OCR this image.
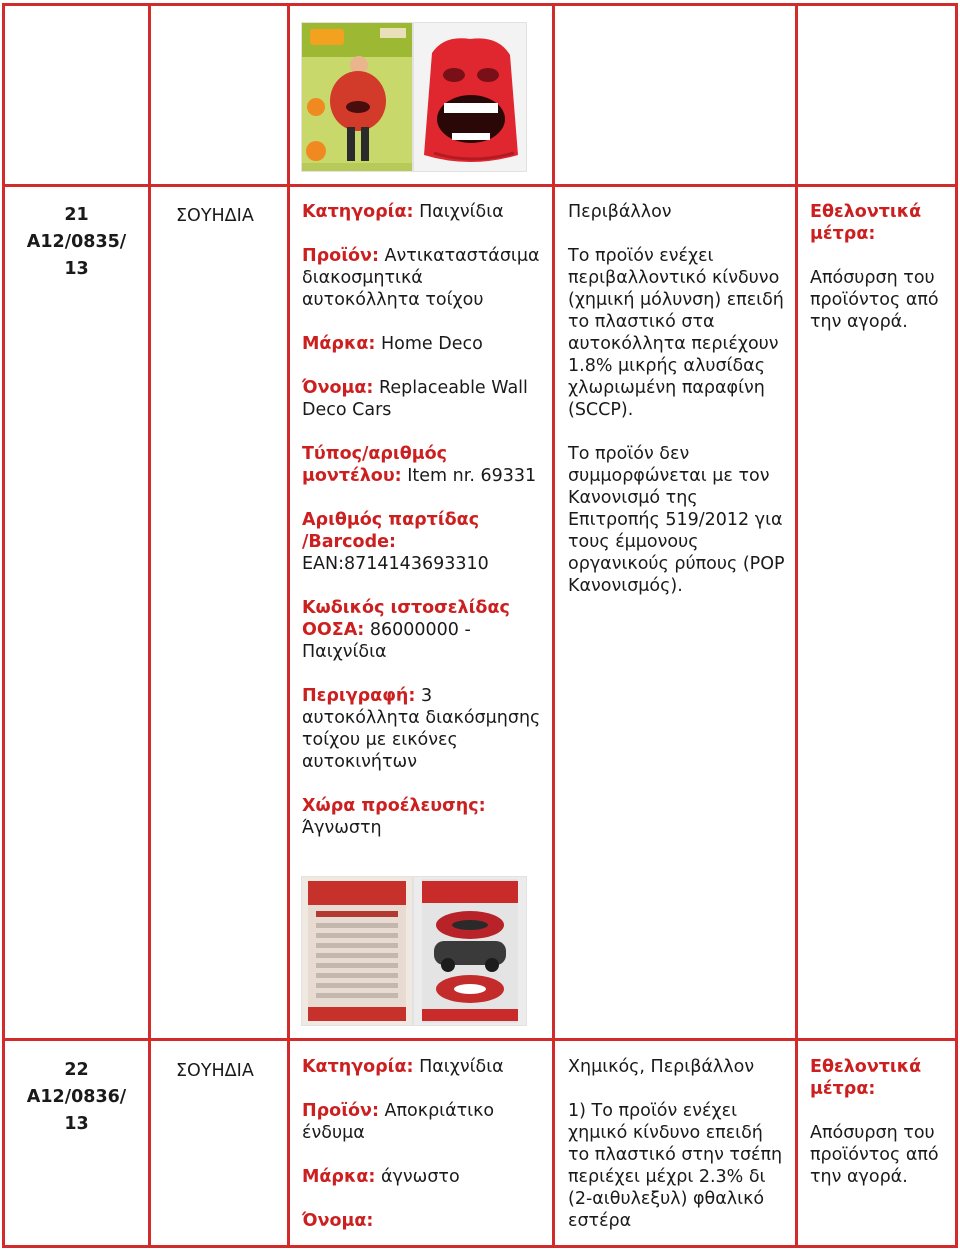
21
A12/0835/
13
ΣΟΥΗΔΙΑ	Κατηγορία: Παιχνίδια
Προϊόν: Αντικαταστάσιμα διακοσμητικά αυτοκόλλητα τοίχου
Μάρκα: Home Deco
Όνομα: Replaceable Wall Deco Cars
Τύπος/αριθμός μοντέλου: Item nr. 69331
Αριθμός παρτίδας /Barcode: EAN:8714143693310
Κωδικός ιστοσελίδας ΟΟΣΑ: 86000000 - Παιχνίδια
Περιγραφή: 3 αυτοκόλλητα διακόσμησης τοίχου με εικόνες αυτοκινήτων
Χώρα προέλευσης: Άγνωστη
Περιβάλλον
Το προϊόν ενέχει περιβαλλοντικό κίνδυνο (χημική μόλυνση) επειδή το πλαστικό στα αυτοκόλλητα περιέχουν 1.8% μικρής αλυσίδας χλωριωμένη παραφίνη (SCCP).
Το προϊόν δεν συμμορφώνεται με τον Κανονισμό της Επιτροπής 519/2012 για τους έμμονους οργανικούς ρύπους (POP Κανονισμός).
Εθελοντικά μέτρα:
Απόσυρση του προϊόντος από την αγορά.
22
A12/0836/
13
ΣΟΥΗΔΙΑ	Κατηγορία: Παιχνίδια
Προϊόν: Αποκριάτικο ένδυμα
Μάρκα: άγνωστο
Όνομα:
Χημικός, Περιβάλλον
1) Το προϊόν ενέχει χημικό κίνδυνο επειδή το πλαστικό στην τσέπη περιέχει μέχρι 2.3% δι (2-αιθυλεξυλ) φθαλικό εστέρα
Εθελοντικά μέτρα:
Απόσυρση του προϊόντος από την αγορά.
